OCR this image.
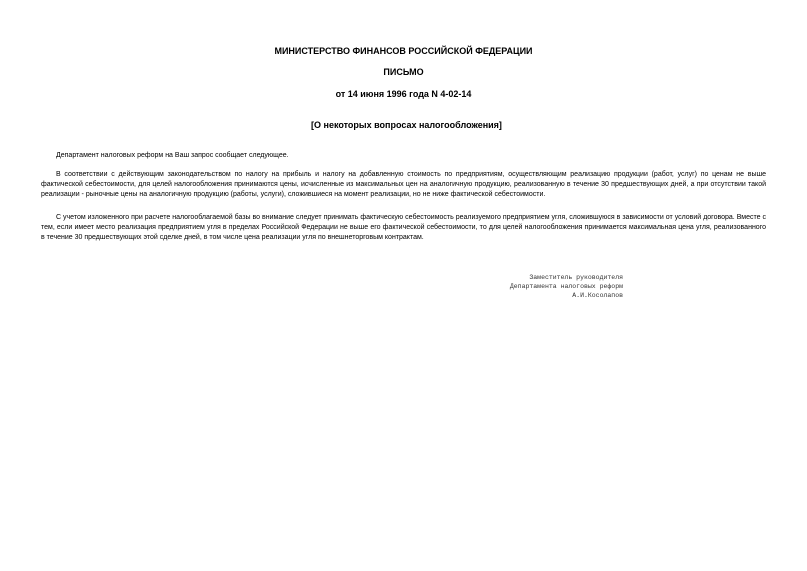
МИНИСТЕРСТВО ФИНАНСОВ РОССИЙСКОЙ ФЕДЕРАЦИИ
ПИСЬМО
от 14 июня 1996 года N 4-02-14
[О некоторых вопросах налогообложения]

Департамент налоговых реформ на Ваш запрос сообщает следующее.

В соответствии с действующим законодательством по налогу на прибыль и налогу на добавленную стоимость по предприятиям, осуществляющим реализацию продукции (работ, услуг) по ценам не выше фактической себестоимости, для целей налогообложения принимаются цены, исчисленные из максимальных цен на аналогичную продукцию, реализованную в течение 30 предшествующих дней, а при отсутствии такой реализации - рыночные цены на аналогичную продукцию (работы, услуги), сложившиеся на момент реализации, но не ниже фактической себестоимости.

С учетом изложенного при расчете налогооблагаемой базы во внимание следует принимать фактическую себестоимость реализуемого предприятием угля, сложившуюся в зависимости от условий договора. Вместе с тем, если имеет место реализация предприятием угля в пределах Российской Федерации не выше его фактической себестоимости, то для целей налогообложения принимается максимальная цена угля, реализованного в течение 30 предшествующих этой сделке дней, в том числе цена реализации угля по внешнеторговым контрактам.

Заместитель руководителя
Департамента налоговых реформ
А.И.Косолапов
